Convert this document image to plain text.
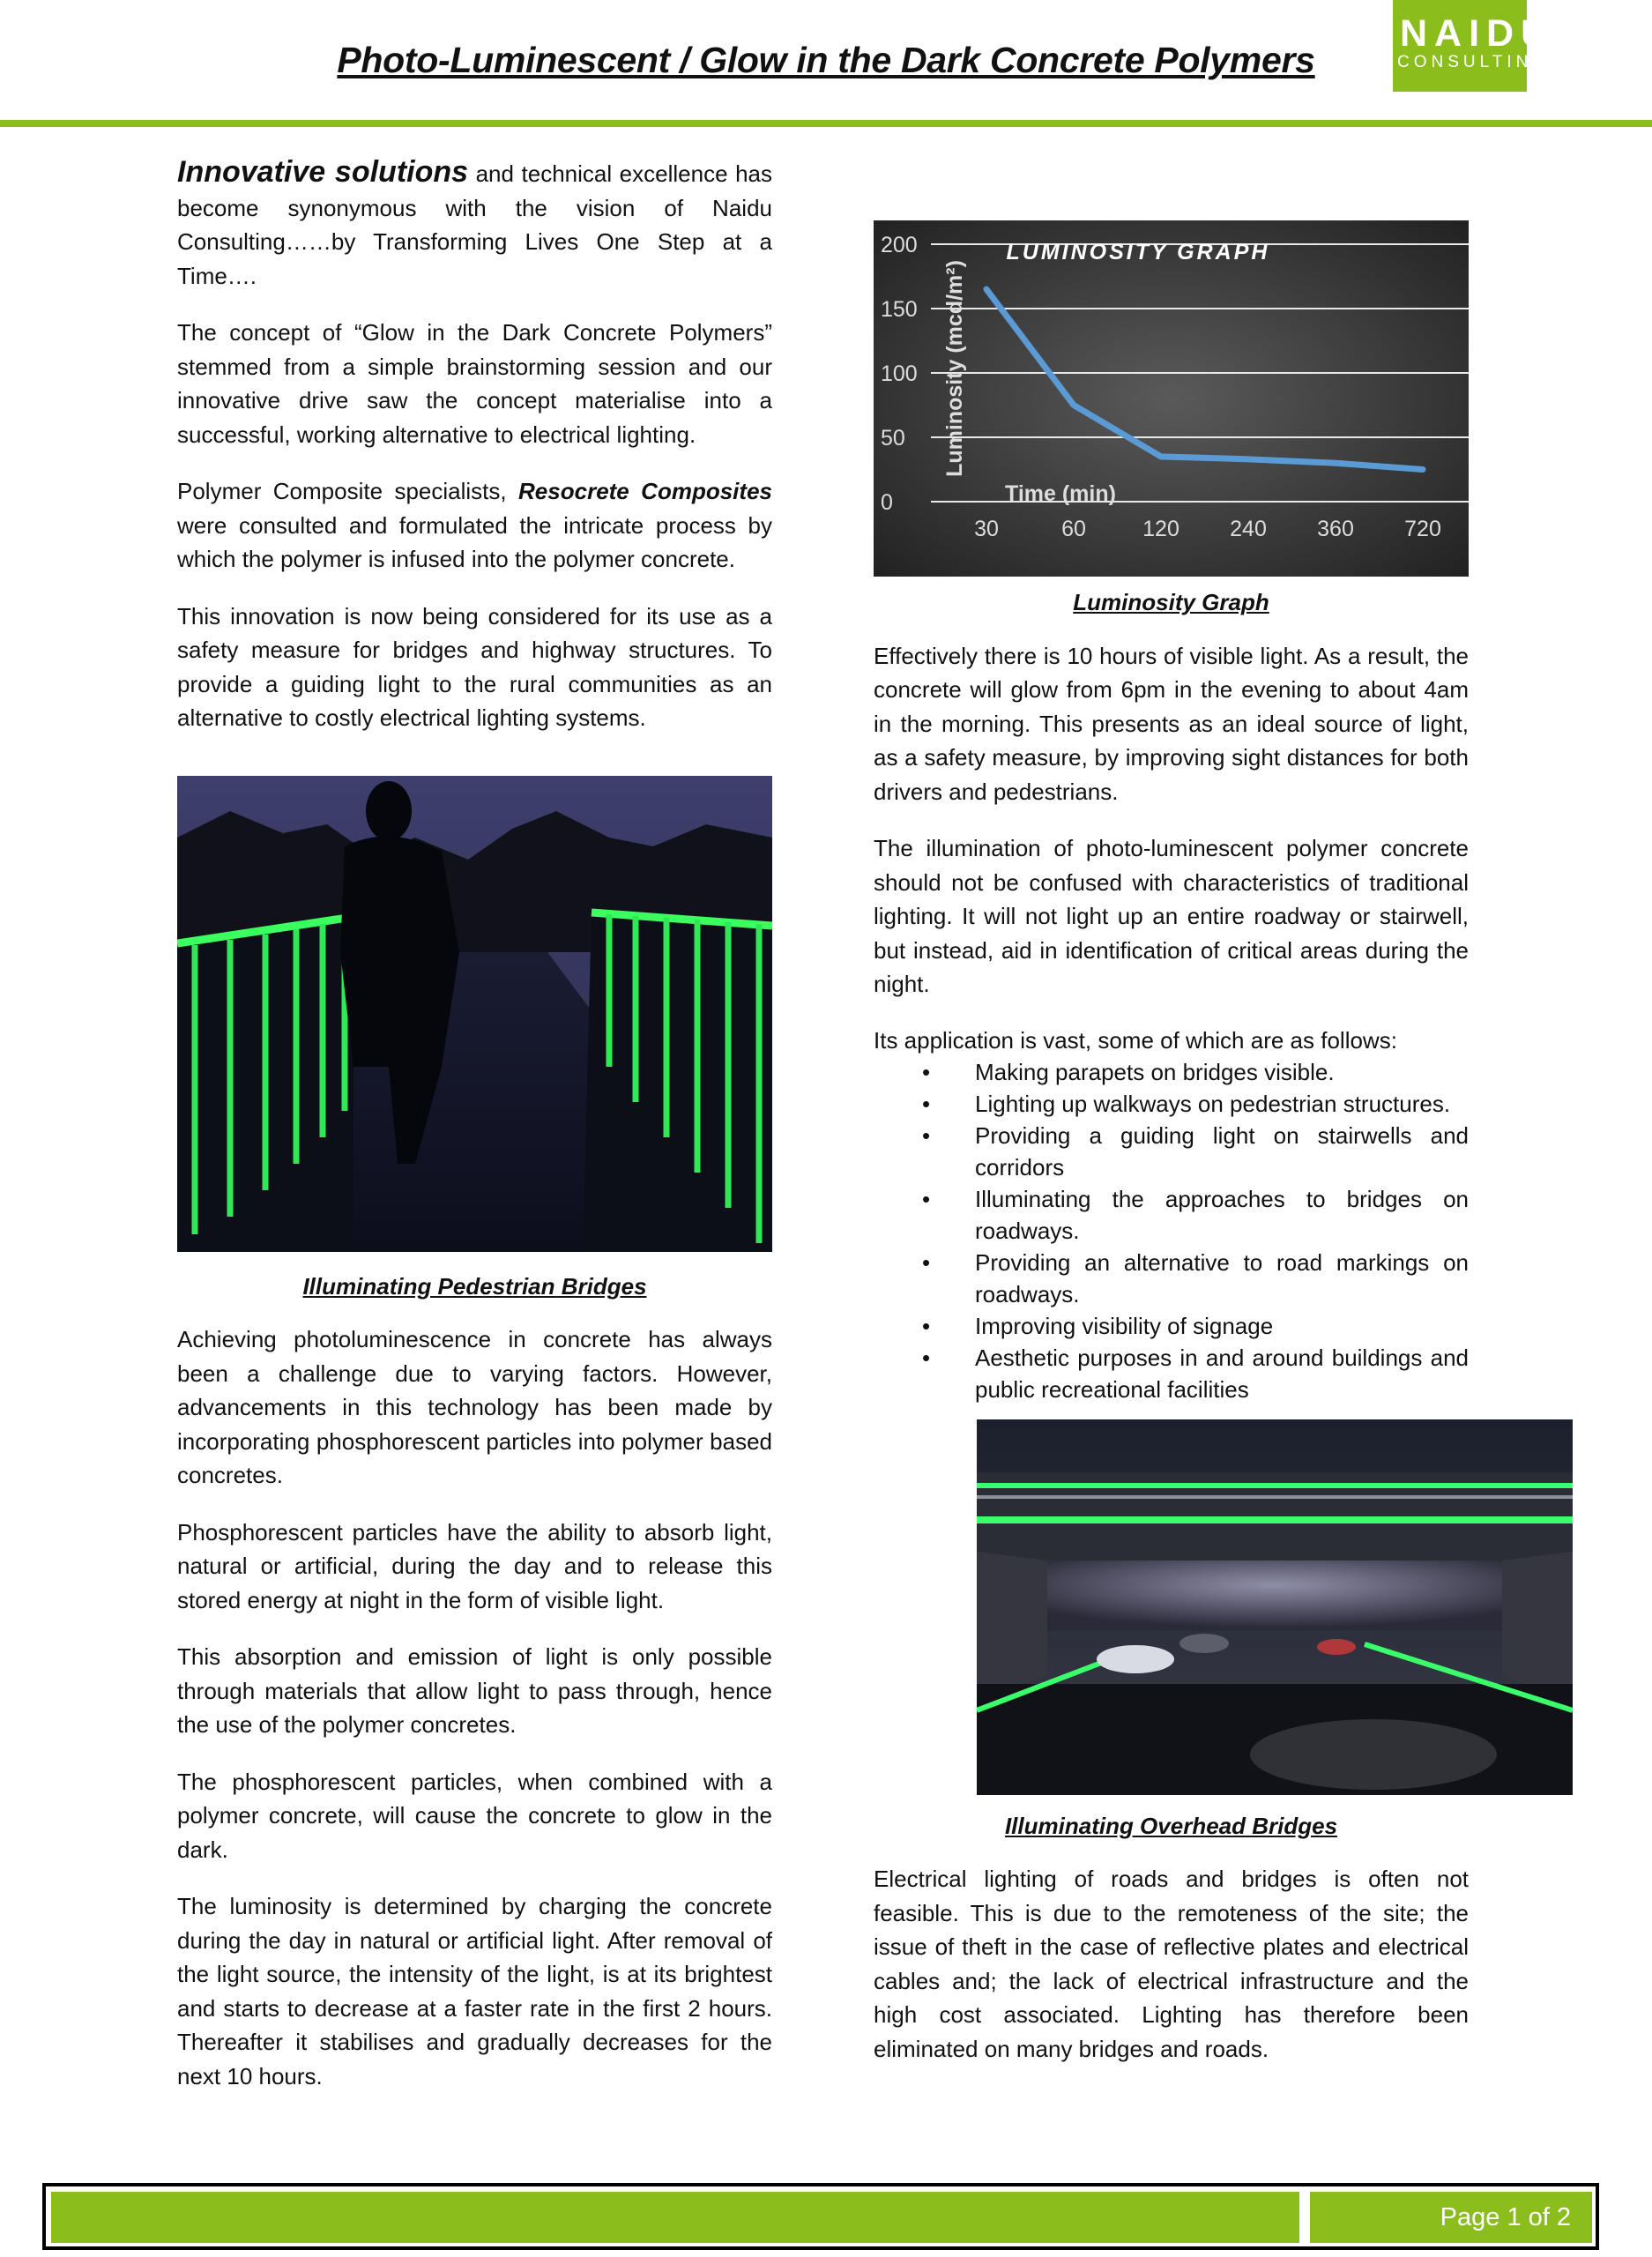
Photo-Luminescent / Glow in the Dark Concrete Polymers
NAIDU
CONSULTING

Innovative solutions and technical excellence has become synonymous with the vision of Naidu Consulting……by Transforming Lives One Step at a Time….

The concept of “Glow in the Dark Concrete Polymers” stemmed from a simple brainstorming session and our innovative drive saw the concept materialise into a successful, working alternative to electrical lighting.

Polymer Composite specialists, Resocrete Composites were consulted and formulated the intricate process by which the polymer is infused into the polymer concrete.

This innovation is now being considered for its use as a safety measure for bridges and highway structures. To provide a guiding light to the rural communities as an alternative to costly electrical lighting systems.

Illuminating Pedestrian Bridges

Achieving photoluminescence in concrete has always been a challenge due to varying factors. However, advancements in this technology has been made by incorporating phosphorescent particles into polymer based concretes.

Phosphorescent particles have the ability to absorb light, natural or artificial, during the day and to release this stored energy at night in the form of visible light.

This absorption and emission of light is only possible through materials that allow light to pass through, hence the use of the polymer concretes.

The phosphorescent particles, when combined with a polymer concrete, will cause the concrete to glow in the dark.

The luminosity is determined by charging the concrete during the day in natural or artificial light. After removal of the light source, the intensity of the light, is at its brightest and starts to decrease at a faster rate in the first 2 hours. Thereafter it stabilises and gradually decreases for the next 10 hours.

0
50
100
150
200
30	60	120 240 360 720
LUMINOSITY GRAPH
Time (min)
Luminosity (mcd/m²)
Luminosity Graph

Effectively there is 10 hours of visible light. As a result, the concrete will glow from 6pm in the evening to about 4am in the morning. This presents as an ideal source of light, as a safety measure, by improving sight distances for both drivers and pedestrians.

The illumination of photo-luminescent polymer concrete should not be confused with characteristics of traditional lighting. It will not light up an entire roadway or stairwell, but instead, aid in identification of critical areas during the night.

Its application is vast, some of which are as follows:
• Making parapets on bridges visible.
• Lighting up walkways on pedestrian structures.
• Providing a guiding light on stairwells and corridors
• Illuminating the approaches to bridges on roadways.
• Providing an alternative to road markings on roadways.
• Improving visibility of signage
• Aesthetic purposes in and around buildings and public recreational facilities
Illuminating Overhead Bridges

Electrical lighting of roads and bridges is often not feasible. This is due to the remoteness of the site; the issue of theft in the case of reflective plates and electrical cables and; the lack of electrical infrastructure and the high cost associated. Lighting has therefore been eliminated on many bridges and roads.

Page 1 of 2
